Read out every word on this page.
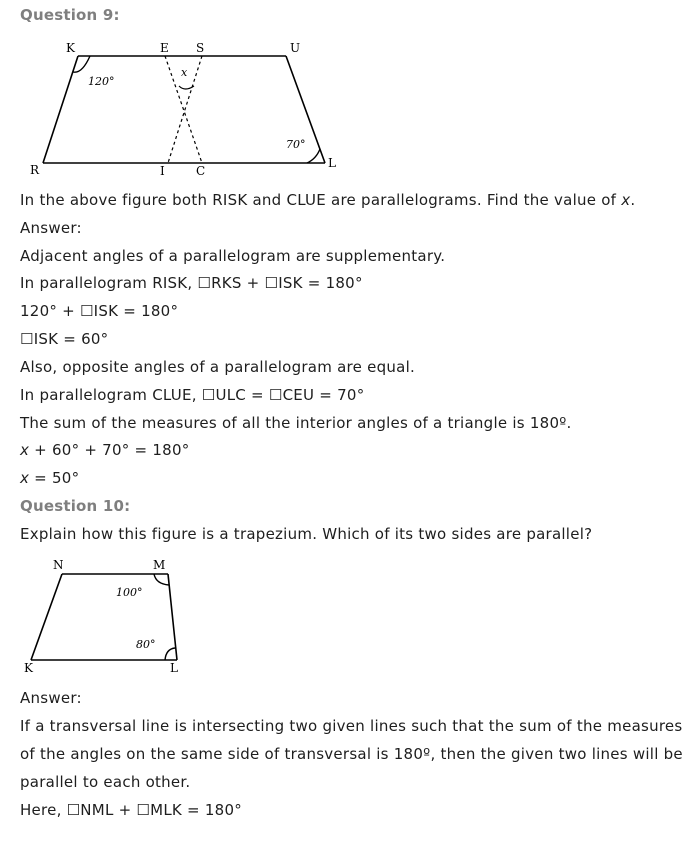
Question 9:
K	E S	U
R	I	C
L
x
120°
70°
In the above figure both RISK and CLUE are parallelograms. Find the value of x.
Answer:
Adjacent angles of a parallelogram are supplementary.
In parallelogram RISK, ☐RKS + ☐ISK = 180°
120° + ☐ISK = 180°
☐ISK = 60°
Also, opposite angles of a parallelogram are equal.
In parallelogram CLUE, ☐ULC = ☐CEU = 70°
The sum of the measures of all the interior angles of a triangle is 180º.
x + 60° + 70° = 180°
x = 50°
Question 10:
Explain how this figure is a trapezium. Which of its two sides are parallel?
N	M
K	L
100°
80°
Answer:
If a transversal line is intersecting two given lines such that the sum of the measures
of the angles on the same side of transversal is 180º, then the given two lines will be
parallel to each other.
Here, ☐NML + ☐MLK = 180°
